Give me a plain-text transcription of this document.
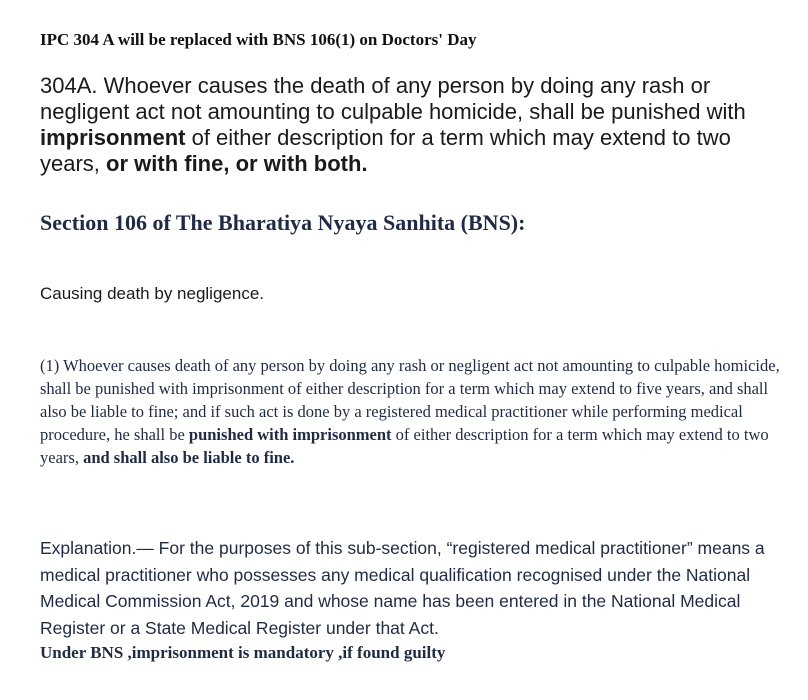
IPC 304 A will be replaced with BNS 106(1) on Doctors' Day
304A. Whoever causes the death of any person by doing any rash or negligent act not amounting to culpable homicide, shall be punished with imprisonment of either description for a term which may extend to two years, or with fine, or with both.
Section 106 of The Bharatiya Nyaya Sanhita (BNS):
Causing death by negligence.
(1) Whoever causes death of any person by doing any rash or negligent act not amounting to culpable homicide, shall be punished with imprisonment of either description for a term which may extend to five years, and shall also be liable to fine; and if such act is done by a registered medical practitioner while performing medical procedure, he shall be punished with imprisonment of either description for a term which may extend to two years, and shall also be liable to fine.
Explanation.— For the purposes of this sub-section, “registered medical practitioner” means a medical practitioner who possesses any medical qualification recognised under the National Medical Commission Act, 2019 and whose name has been entered in the National Medical Register or a State Medical Register under that Act.
Under BNS ,imprisonment is mandatory ,if found guilty
